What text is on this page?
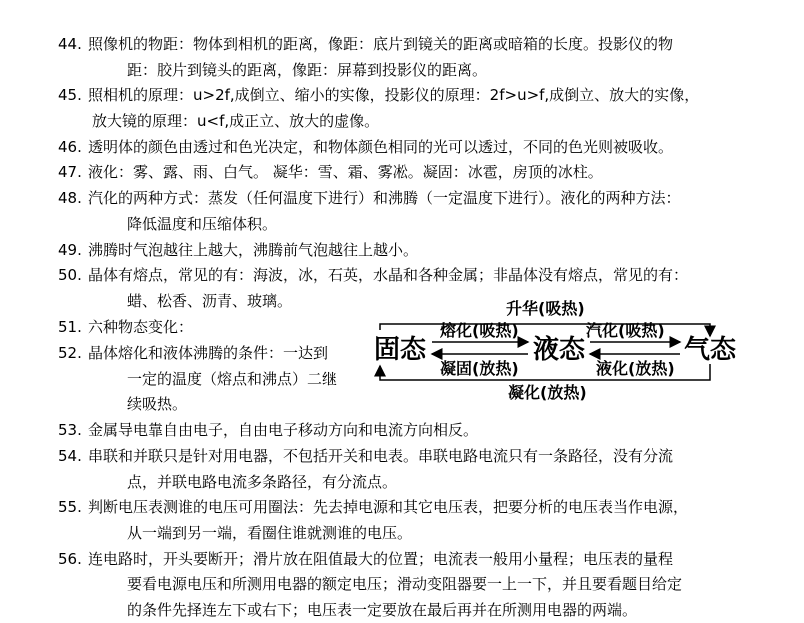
44. 照像机的物距：物体到相机的距离，像距：底片到镜关的距离或暗箱的长度。投影仪的物
距：胶片到镜头的距离，像距：屏幕到投影仪的距离。
45. 照相机的原理：u>2f,成倒立、缩小的实像，投影仪的原理：2f>u>f,成倒立、放大的实像，
放大镜的原理：u<f,成正立、放大的虚像。
46. 透明体的颜色由透过和色光决定，和物体颜色相同的光可以透过，不同的色光则被吸收。
47. 液化：雾、露、雨、白气。 凝华：雪、霜、雾凇。凝固：冰雹，房顶的冰柱。
48. 汽化的两种方式：蒸发（任何温度下进行）和沸腾（一定温度下进行）。液化的两种方法：
降低温度和压缩体积。
49. 沸腾时气泡越往上越大，沸腾前气泡越往上越小。
50. 晶体有熔点，常见的有：海波，冰，石英，水晶和各种金属；非晶体没有熔点，常见的有：
蜡、松香、沥青、玻璃。
51. 六种物态变化：
52. 晶体熔化和液体沸腾的条件：一达到
一定的温度（熔点和沸点）二继
续吸热。
53. 金属导电靠自由电子，自由电子移动方向和电流方向相反。
54. 串联和并联只是针对用电器，不包括开关和电表。串联电路电流只有一条路径，没有分流
点，并联电路电流多条路径，有分流点。
55. 判断电压表测谁的电压可用圈法：先去掉电源和其它电压表，把要分析的电压表当作电源，
从一端到另一端，看圈住谁就测谁的电压。
56. 连电路时，开头要断开；滑片放在阻值最大的位置；电流表一般用小量程；电压表的量程
要看电源电压和所测用电器的额定电压；滑动变阻器要一上一下，并且要看题目给定
的条件先择连左下或右下；电压表一定要放在最后再并在所测用电器的两端。
固态	液态	气态
升华(吸热)
熔化(吸热)
凝固(放热)
汽化(吸热)
液化(放热)
凝化(放热)
